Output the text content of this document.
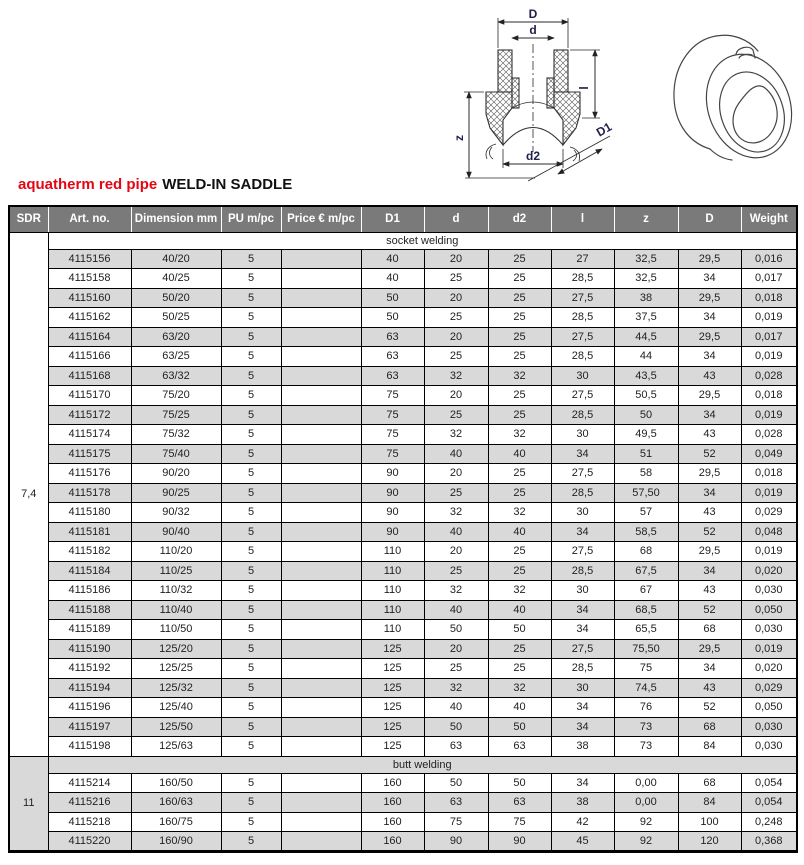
D
d
l
z
d2
D1
aquatherm red pipe WELD-IN SADDLE
SDR	Art. no.	Dimension mm	PU m/pc	Price € m/pc	D1	d	d2	l	z	D	Weight
7,4	socket welding										
	4115156	40/20	5		40	20	25	27	32,5	29,5	0,016
	4115158	40/25	5		40	25	25	28,5	32,5	34	0,017
	4115160	50/20	5		50	20	25	27,5	38	29,5	0,018
	4115162	50/25	5		50	25	25	28,5	37,5	34	0,019
	4115164	63/20	5		63	20	25	27,5	44,5	29,5	0,017
	4115166	63/25	5		63	25	25	28,5	44	34	0,019
	4115168	63/32	5		63	32	32	30	43,5	43	0,028
	4115170	75/20	5		75	20	25	27,5	50,5	29,5	0,018
	4115172	75/25	5		75	25	25	28,5	50	34	0,019
	4115174	75/32	5		75	32	32	30	49,5	43	0,028
	4115175	75/40	5		75	40	40	34	51	52	0,049
	4115176	90/20	5		90	20	25	27,5	58	29,5	0,018
	4115178	90/25	5		90	25	25	28,5	57,50	34	0,019
	4115180	90/32	5		90	32	32	30	57	43	0,029
	4115181	90/40	5		90	40	40	34	58,5	52	0,048
	4115182	110/20	5		110	20	25	27,5	68	29,5	0,019
	4115184	110/25	5		110	25	25	28,5	67,5	34	0,020
	4115186	110/32	5		110	32	32	30	67	43	0,030
	4115188	110/40	5		110	40	40	34	68,5	52	0,050
	4115189	110/50	5		110	50	50	34	65,5	68	0,030
	4115190	125/20	5		125	20	25	27,5	75,50	29,5	0,019
	4115192	125/25	5		125	25	25	28,5	75	34	0,020
	4115194	125/32	5		125	32	32	30	74,5	43	0,029
	4115196	125/40	5		125	40	40	34	76	52	0,050
	4115197	125/50	5		125	50	50	34	73	68	0,030
	4115198	125/63	5		125	63	63	38	73	84	0,030
11	butt welding										
	4115214	160/50	5		160	50	50	34	0,00	68	0,054
	4115216	160/63	5		160	63	63	38	0,00	84	0,054
	4115218	160/75	5		160	75	75	42	92	100	0,248
	4115220	160/90	5		160	90	90	45	92	120	0,368
